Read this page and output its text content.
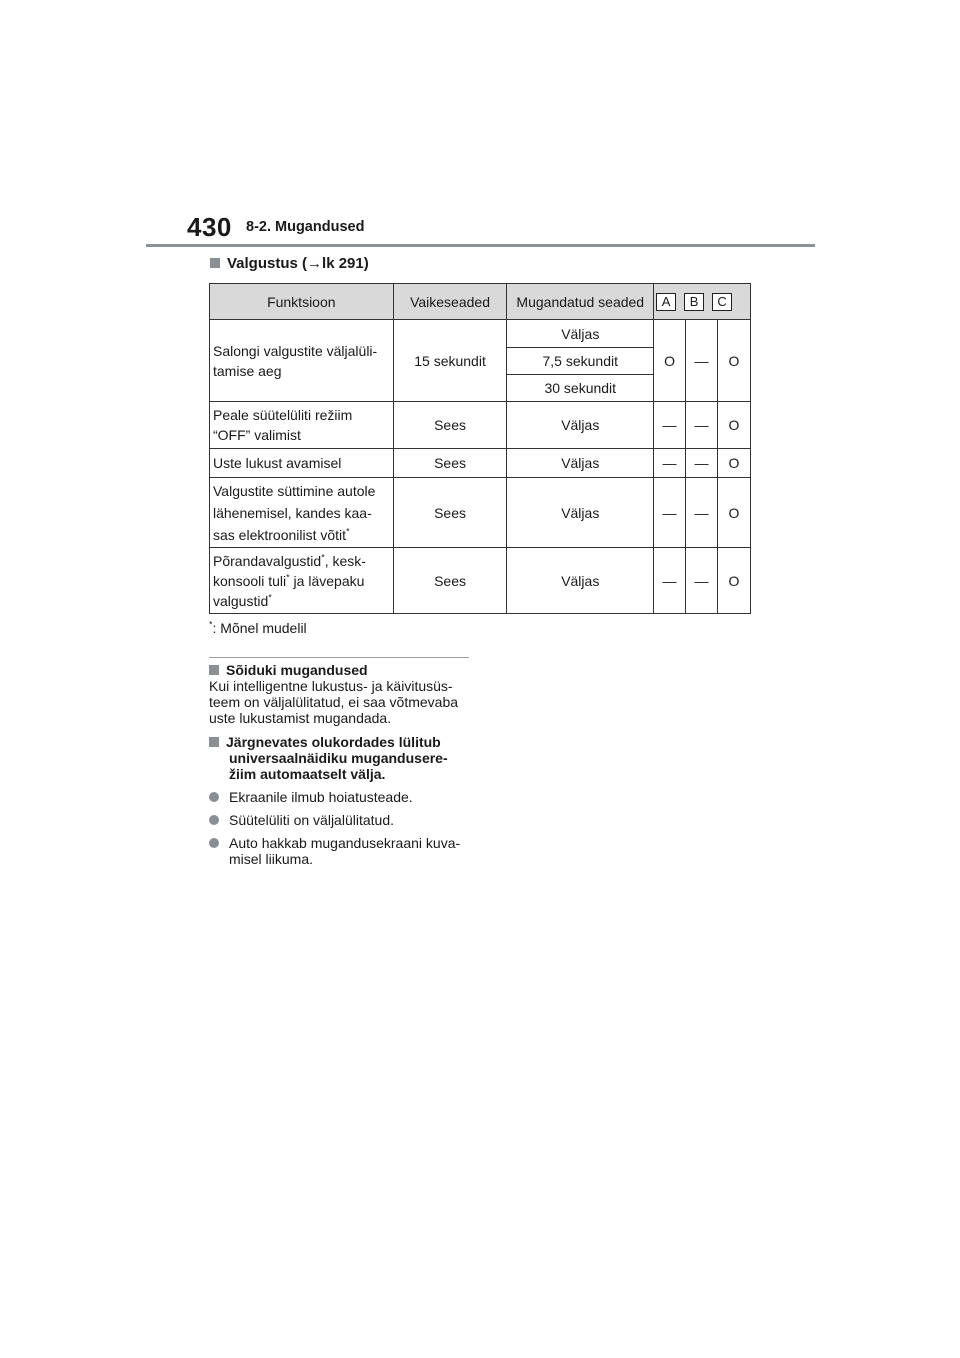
430 8-2. Mugandused
Valgustus (→lk 291)
Funktsioon	Vaikeseaded	Mugandatud seaded	A B C		

Salongi valgustite väljalüli-
tamise aeg	15 sekundit	Väljas	O	—	O
		7,5 sekundit			
		30 sekundit			
Peale süütelüliti režiim
“OFF” valimist	Sees	Väljas	—	—	O
Uste lukust avamisel	Sees	Väljas	—	—	O
Valgustite süttimine autole
lähenemisel, kandes kaa-
sas elektroonilist võtit*	Sees	Väljas	—	—	O
Põrandavalgustid*, kesk-
konsooli tuli* ja lävepaku
valgustid*	Sees	Väljas	—	—	O
*: Mõnel mudelil

Sõiduki mugandused

Kui intelligentne lukustus- ja käivitusüs- teem on väljalülitatud, ei saa võtmevaba uste lukustamist mugandada.

Järgnevates olukordades lülitub universaalnäidiku mugandusere- žiim automaatselt välja.

Ekraanile ilmub hoiatusteade.

Süütelüliti on väljalülitatud.

Auto hakkab mugandusekraani kuva- misel liikuma.
